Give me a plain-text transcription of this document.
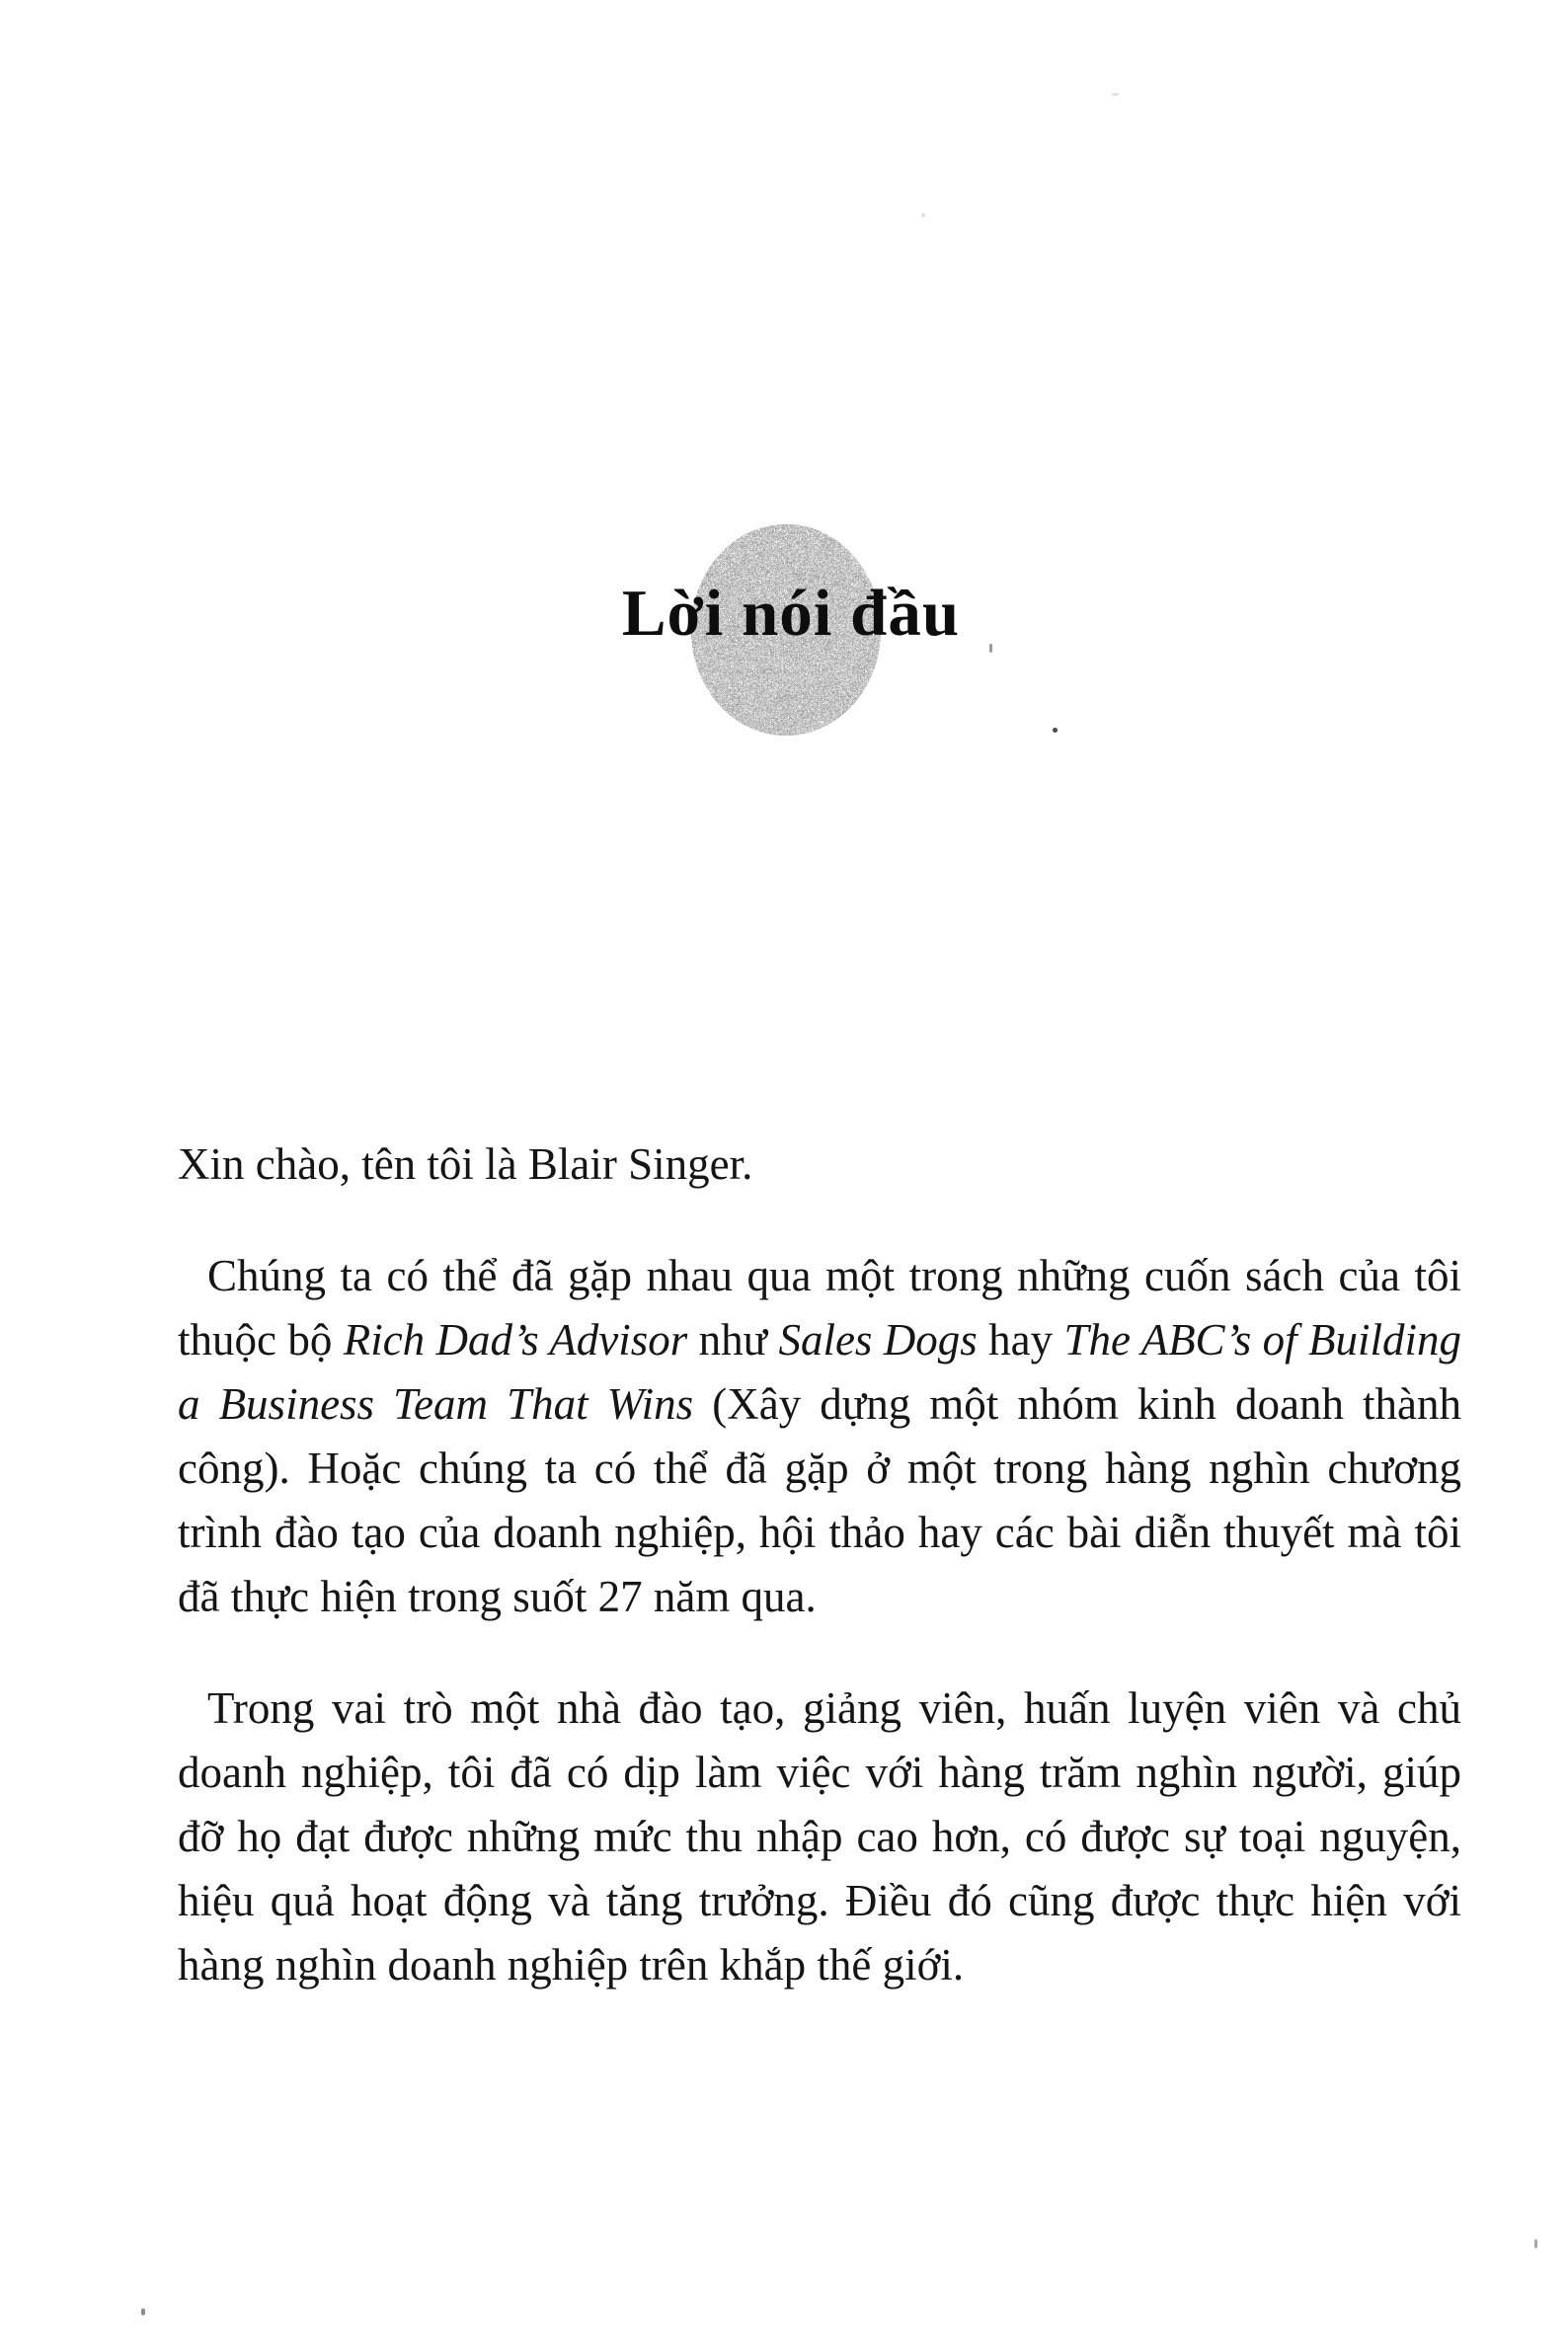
Lời nói đầu

Xin chào, tên tôi là Blair Singer.

Chúng ta có thể đã gặp nhau qua một trong những cuốn sách của tôi thuộc bộ Rich Dad’s Advisor như Sales Dogs hay The ABC’s of Building a Business Team That Wins (Xây dựng một nhóm kinh doanh thành công). Hoặc chúng ta có thể đã gặp ở một trong hàng nghìn chương trình đào tạo của doanh nghiệp, hội thảo hay các bài diễn thuyết mà tôi đã thực hiện trong suốt 27 năm qua.

Trong vai trò một nhà đào tạo, giảng viên, huấn luyện viên và chủ doanh nghiệp, tôi đã có dịp làm việc với hàng trăm nghìn người, giúp đỡ họ đạt được những mức thu nhập cao hơn, có được sự toại nguyện, hiệu quả hoạt động và tăng trưởng. Điều đó cũng được thực hiện với hàng nghìn doanh nghiệp trên khắp thế giới.
